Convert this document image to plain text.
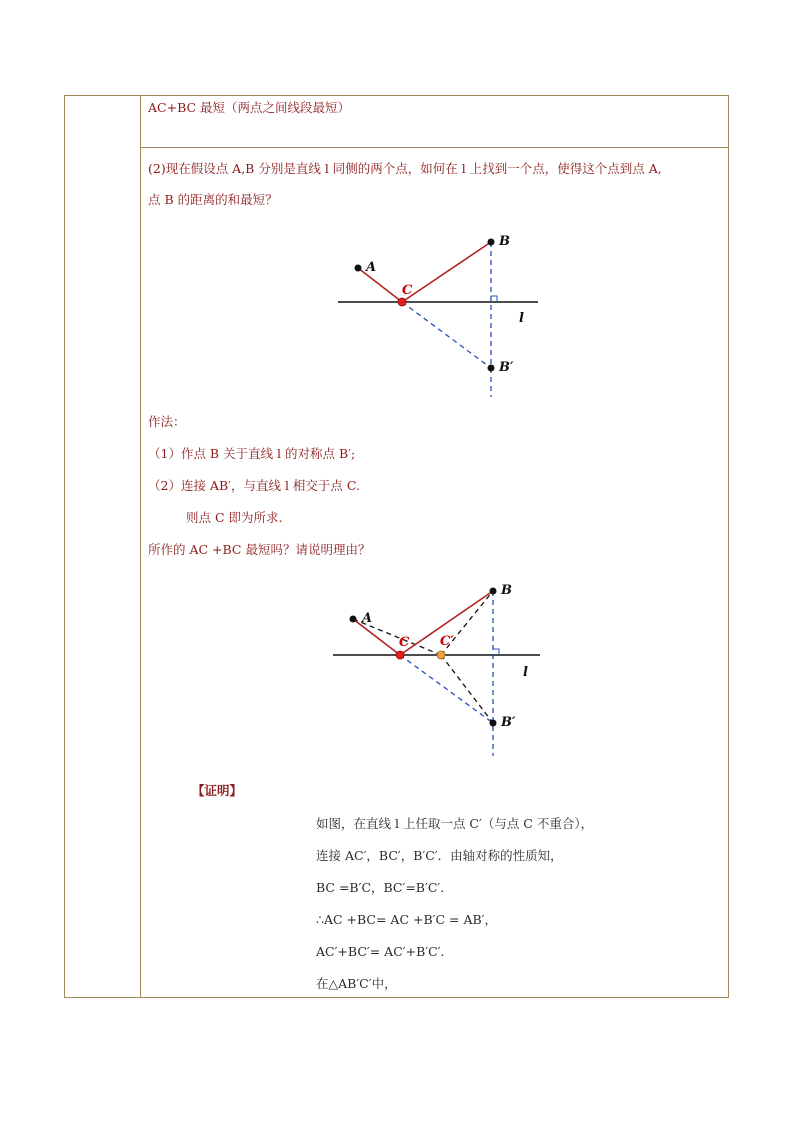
AC+BC 最短（两点之间线段最短）
(2)现在假设点 A,B 分别是直线 l 同侧的两个点，如何在 l 上找到一个点，使得这个点到点 A,
点 B 的距离的和最短？
A
B
C
B′
l
作法：
（1）作点 B 关于直线 l 的对称点 B′;
（2）连接 AB′，与直线 l 相交于点 C.
则点 C 即为所求.
所作的 AC +BC 最短吗？请说明理由？
A
B
C C′
B′
l
【证明】
如图，在直线 l 上任取一点 C′（与点 C 不重合），
连接 AC′，BC′，B′C′．由轴对称的性质知，
BC =B′C，BC′=B′C′．
∴AC +BC= AC +B′C = AB′，
AC′+BC′= AC′+B′C′．
在△AB′C′中，
